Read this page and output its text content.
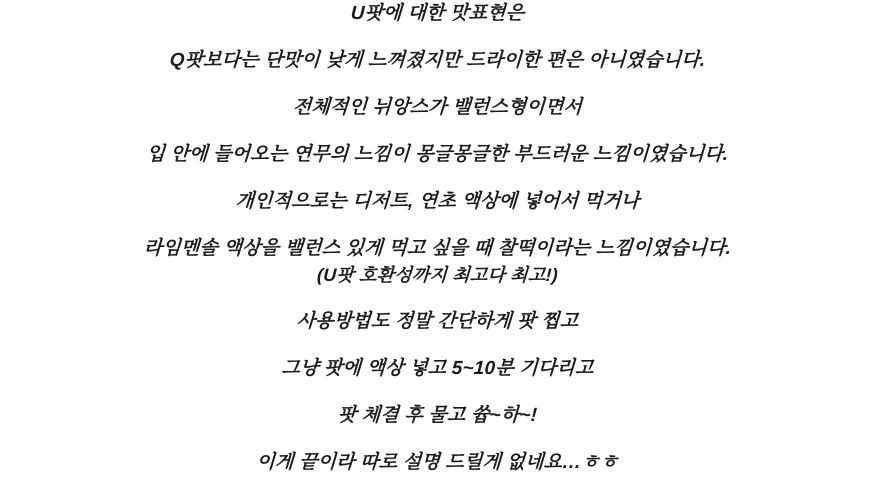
U팟에 대한 맛표현은
Q팟보다는 단맛이 낮게 느껴졌지만 드라이한 편은 아니였습니다.
전체적인 뉘앙스가 밸런스형이면서
입 안에 들어오는 연무의 느낌이 몽글몽글한 부드러운 느낌이였습니다.
개인적으로는 디저트, 연초 액상에 넣어서 먹거나
라임멘솔 액상을 밸런스 있게 먹고 싶을 때 찰떡이라는 느낌이였습니다.
(U팟 호환성까지 최고다 최고!)
사용방법도 정말 간단하게 팟 찝고
그냥 팟에 액상 넣고 5~10분 기다리고
팟 체결 후 물고 쓥~하~!
이게 끝이라 따로 설명 드릴게 없네요…ㅎㅎ
